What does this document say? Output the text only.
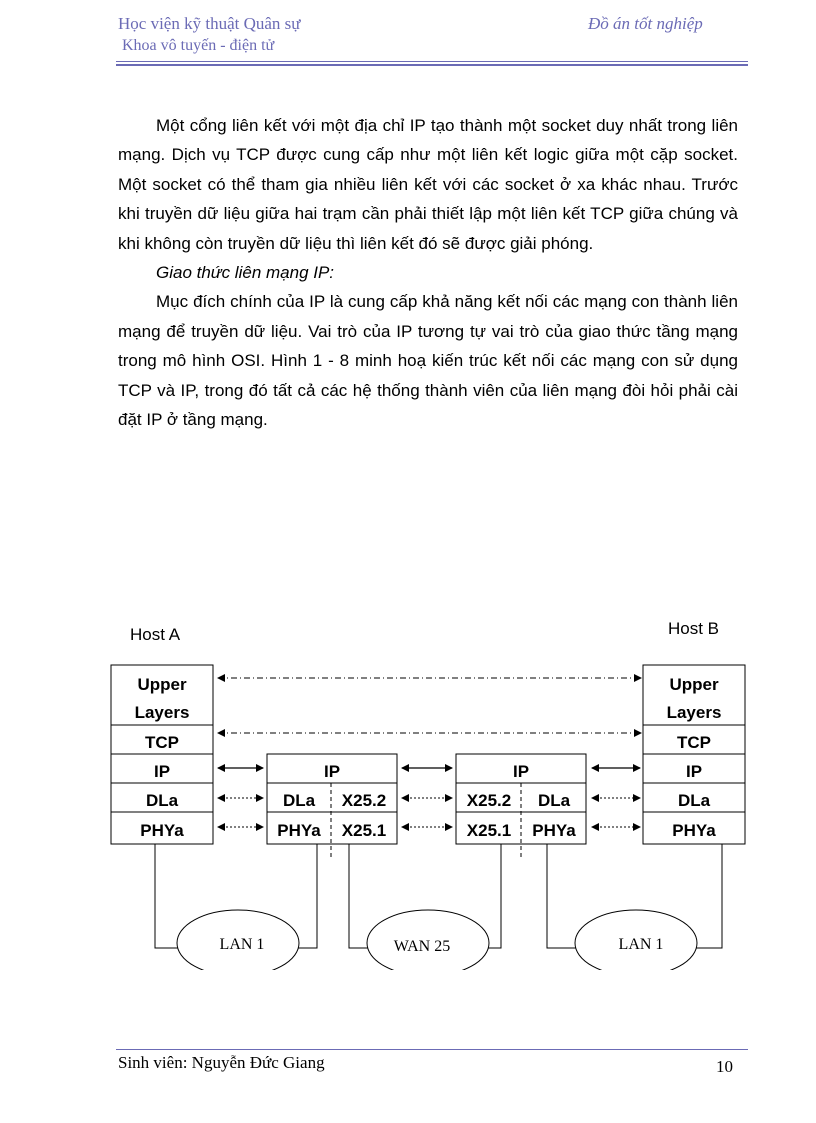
Học viện kỹ thuật Quân sự
Khoa vô tuyến - điện tử
Đồ án tốt nghiệp

Một cổng liên kết với một địa chỉ IP tạo thành một socket duy nhất trong liên mạng. Dịch vụ TCP được cung cấp như một liên kết logic giữa một cặp socket. Một socket có thể tham gia nhiều liên kết với các socket ở xa khác nhau. Trước khi truyền dữ liệu giữa hai trạm cần phải thiết lập một liên kết TCP giữa chúng và khi không còn truyền dữ liệu thì liên kết đó sẽ được giải phóng.

Giao thức liên mạng IP:

Mục đích chính của IP là cung cấp khả năng kết nối các mạng con thành liên mạng để truyền dữ liệu. Vai trò của IP tương tự vai trò của giao thức tầng mạng trong mô hình OSI. Hình 1 - 8 minh hoạ kiến trúc kết nối các mạng con sử dụng TCP và IP, trong đó tất cả các hệ thống thành viên của liên mạng đòi hỏi phải cài đặt IP ở tầng mạng.

Host A	Host B
Upper
Layers
TCP
IP
DLa
PHYa
Upper
Layers
TCP
IP
DLa
PHYa
IP
DLa X25.2
PHYa X25.1
IP
X25.2 DLa
X25.1 PHYa
LAN 1	WAN 25	LAN 1
Sinh viên: Nguyễn Đức Giang	10
